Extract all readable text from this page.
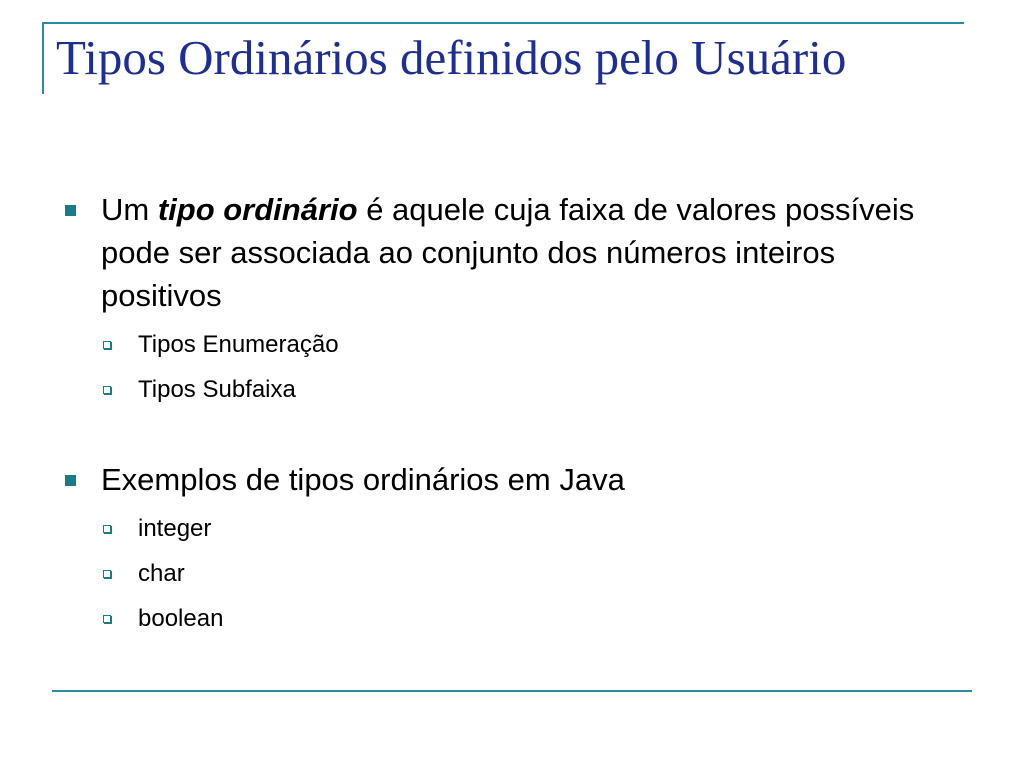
Tipos Ordinários definidos pelo Usuário
Um tipo ordinário é aquele cuja faixa de valores possíveis pode ser associada ao conjunto dos números inteiros positivos
Tipos Enumeração
Tipos Subfaixa
Exemplos de tipos ordinários em Java
integer
char
boolean
